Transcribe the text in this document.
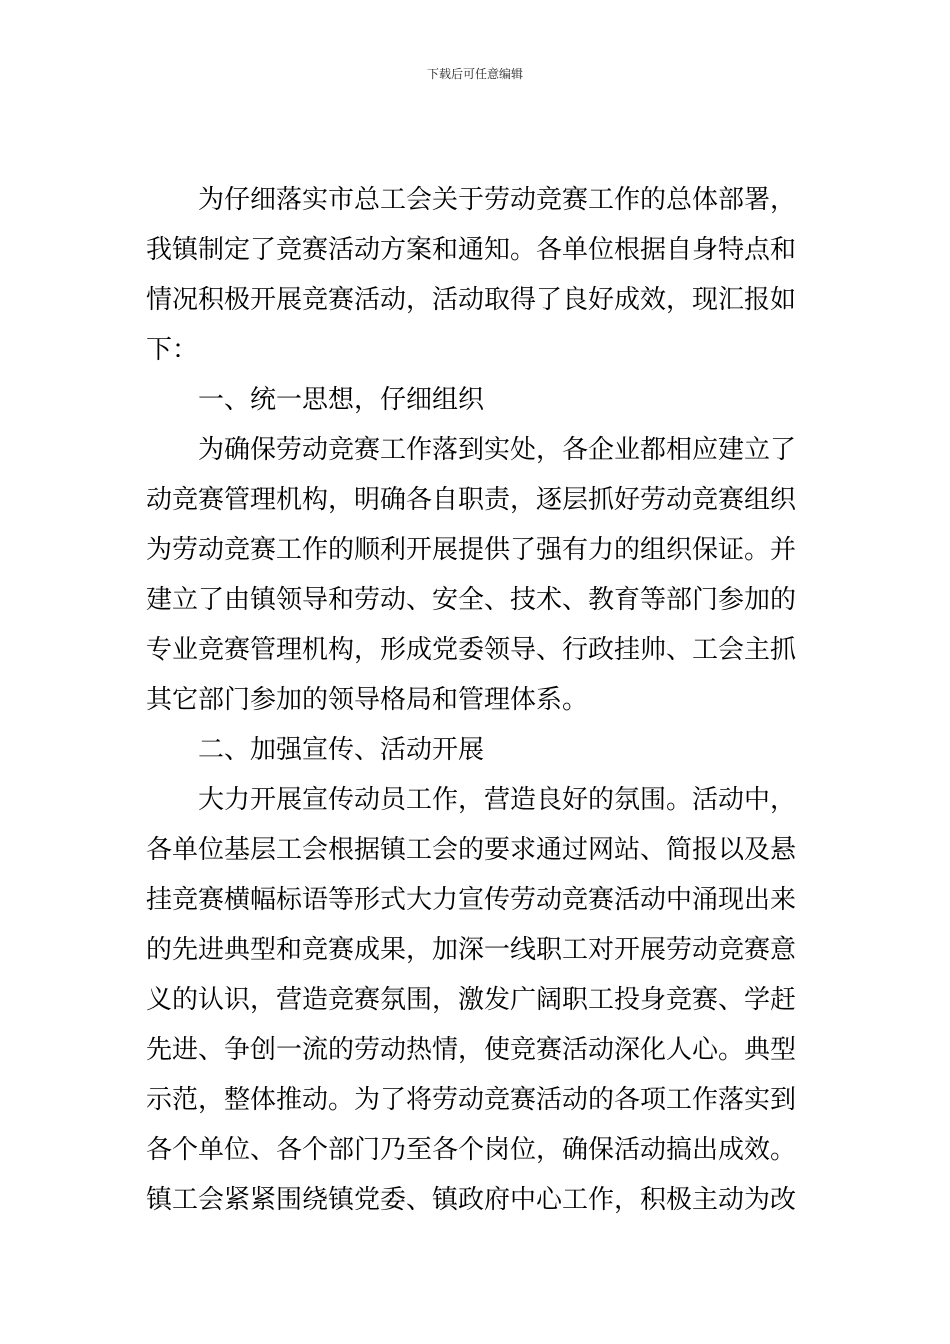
下载后可任意编辑
为仔细落实市总工会关于劳动竞赛工作的总体部署，
我镇制定了竞赛活动方案和通知。各单位根据自身特点和
情况积极开展竞赛活动，活动取得了良好成效，现汇报如
下：
一、统一思想，仔细组织
为确保劳动竞赛工作落到实处，各企业都相应建立了
动竞赛管理机构，明确各自职责，逐层抓好劳动竞赛组织
为劳动竞赛工作的顺利开展提供了强有力的组织保证。并
建立了由镇领导和劳动、安全、技术、教育等部门参加的
专业竞赛管理机构，形成党委领导、行政挂帅、工会主抓
其它部门参加的领导格局和管理体系。
二、加强宣传、活动开展
大力开展宣传动员工作，营造良好的氛围。活动中，
各单位基层工会根据镇工会的要求通过网站、简报以及悬
挂竞赛横幅标语等形式大力宣传劳动竞赛活动中涌现出来
的先进典型和竞赛成果，加深一线职工对开展劳动竞赛意
义的认识，营造竞赛氛围，激发广阔职工投身竞赛、学赶
先进、争创一流的劳动热情，使竞赛活动深化人心。典型
示范，整体推动。为了将劳动竞赛活动的各项工作落实到
各个单位、各个部门乃至各个岗位，确保活动搞出成效。
镇工会紧紧围绕镇党委、镇政府中心工作，积极主动为改
